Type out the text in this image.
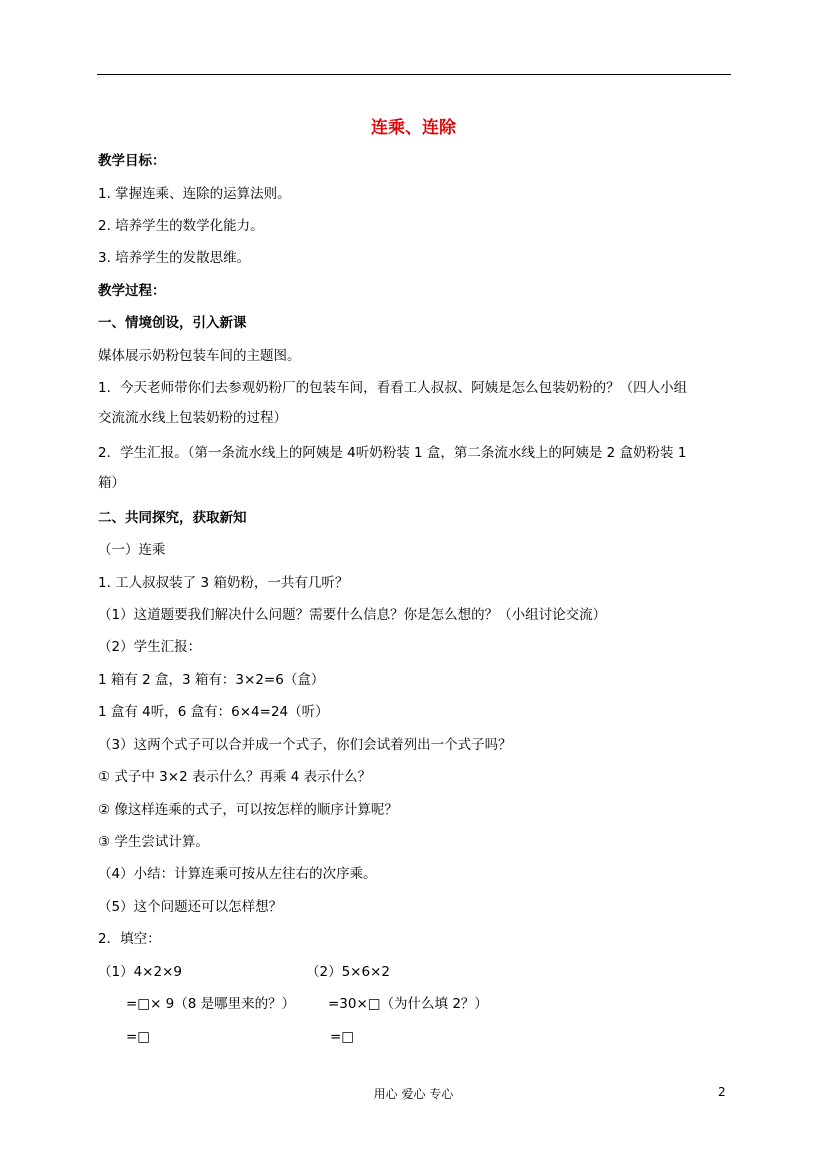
连乘、连除
教学目标：
1. 掌握连乘、连除的运算法则。
2. 培养学生的数学化能力。
3. 培养学生的发散思维。
教学过程：
一、情境创设，引入新课
媒体展示奶粉包装车间的主题图。
1．今天老师带你们去参观奶粉厂的包装车间，看看工人叔叔、阿姨是怎么包装奶粉的？（四人小组
交流流水线上包装奶粉的过程）
2．学生汇报。（第一条流水线上的阿姨是 4听奶粉装 1 盒，第二条流水线上的阿姨是 2 盒奶粉装 1
箱）
二、共同探究，获取新知
（一）连乘
1. 工人叔叔装了 3 箱奶粉，一共有几听？
（1）这道题要我们解决什么问题？需要什么信息？你是怎么想的？（小组讨论交流）
（2）学生汇报：
1 箱有 2 盒，3 箱有：3×2=6（盒）
1 盒有 4听，6 盒有：6×4=24（听）
（3）这两个式子可以合并成一个式子，你们会试着列出一个式子吗？
① 式子中 3×2 表示什么？再乘 4 表示什么？
② 像这样连乘的式子，可以按怎样的顺序计算呢？
③ 学生尝试计算。
（4）小结：计算连乘可按从左往右的次序乘。
（5）这个问题还可以怎样想？
2．填空：
（1）4×2×9	（2）5×6×2
=□× 9（8 是哪里来的？） =30×□（为什么填 2？）
=□	=□
用心 爱心 专心	2
